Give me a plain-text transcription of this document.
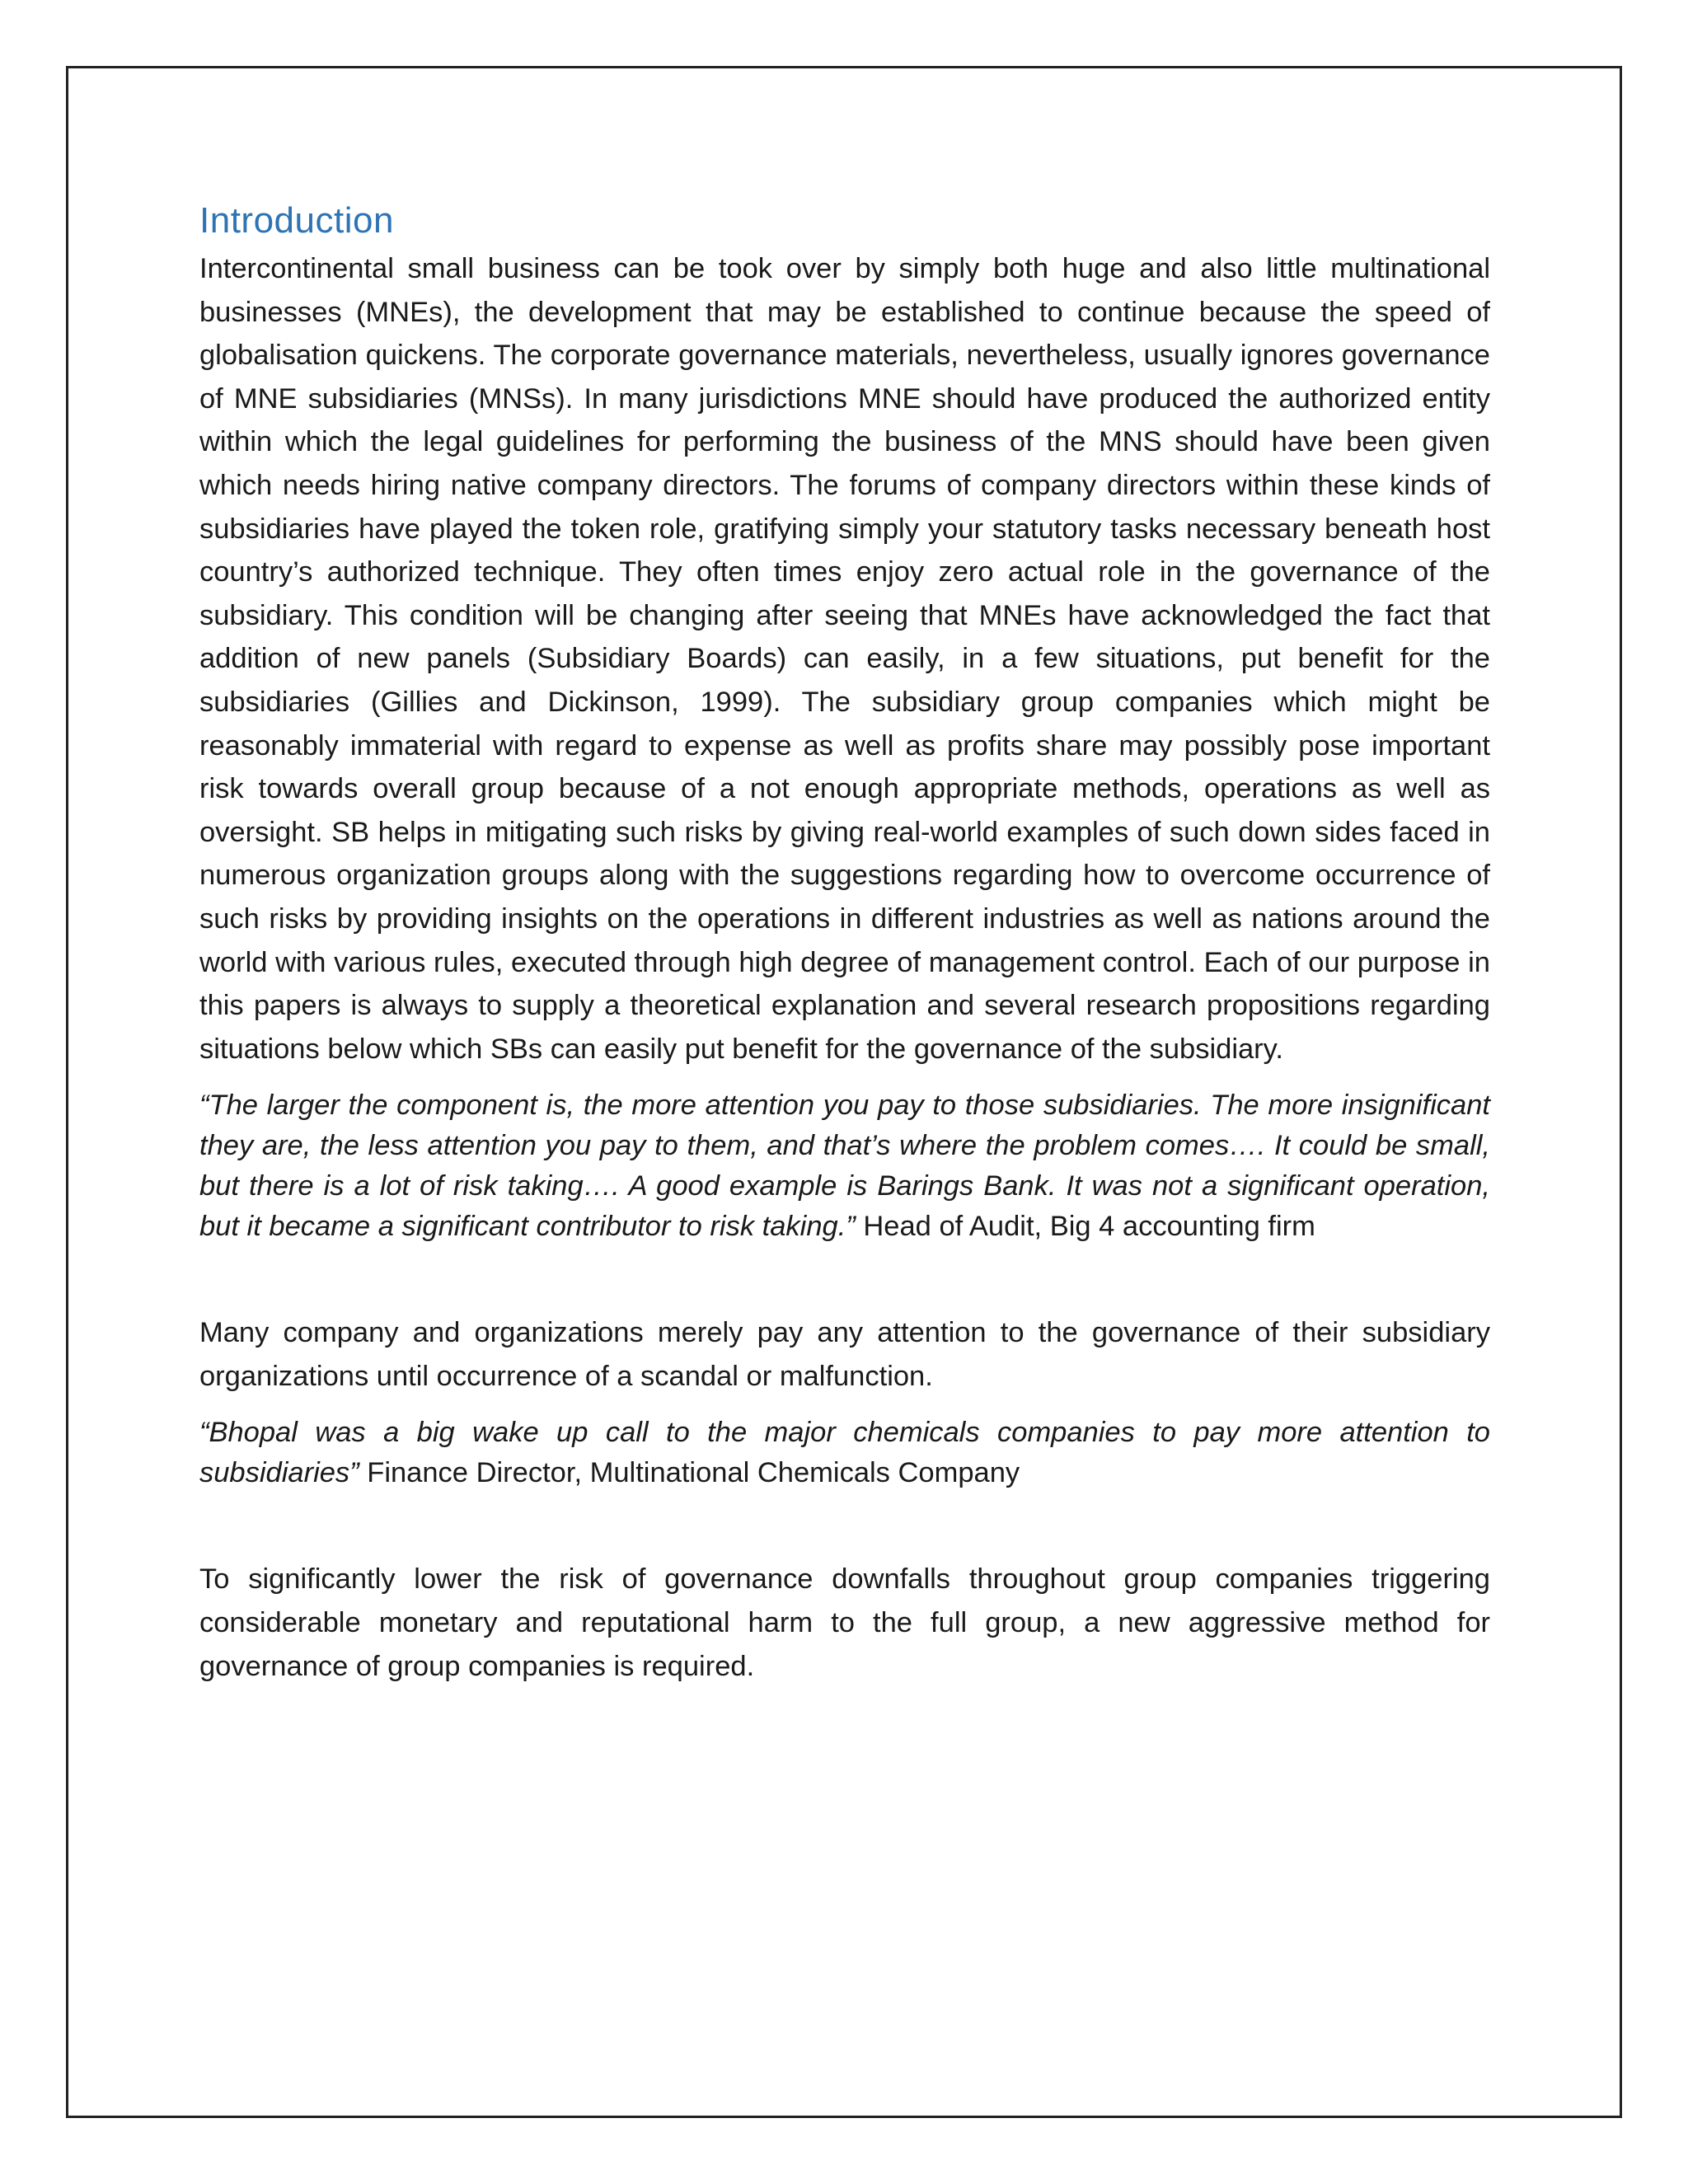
Introduction

Intercontinental small business can be took over by simply both huge and also little multinational businesses (MNEs), the development that may be established to continue because the speed of globalisation quickens. The corporate governance materials, nevertheless, usually ignores governance of MNE subsidiaries (MNSs). In many jurisdictions MNE should have produced the authorized entity within which the legal guidelines for performing the business of the MNS should have been given which needs hiring native company directors. The forums of company directors within these kinds of subsidiaries have played the token role, gratifying simply your statutory tasks necessary beneath host country’s authorized technique. They often times enjoy zero actual role in the governance of the subsidiary. This condition will be changing after seeing that MNEs have acknowledged the fact that addition of new panels (Subsidiary Boards) can easily, in a few situations, put benefit for the subsidiaries (Gillies and Dickinson, 1999). The subsidiary group companies which might be reasonably immaterial with regard to expense as well as profits share may possibly pose important risk towards overall group because of a not enough appropriate methods, operations as well as oversight. SB helps in mitigating such risks by giving real-world examples of such down sides faced in numerous organization groups along with the suggestions regarding how to overcome occurrence of such risks by providing insights on the operations in different industries as well as nations around the world with various rules, executed through high degree of management control. Each of our purpose in this papers is always to supply a theoretical explanation and several research propositions regarding situations below which SBs can easily put benefit for the governance of the subsidiary.

“The larger the component is, the more attention you pay to those subsidiaries. The more insignificant they are, the less attention you pay to them, and that’s where the problem comes…. It could be small, but there is a lot of risk taking…. A good example is Barings Bank. It was not a significant operation, but it became a significant contributor to risk taking.” Head of Audit, Big 4 accounting firm

Many company and organizations merely pay any attention to the governance of their subsidiary organizations until occurrence of a scandal or malfunction.

“Bhopal was a big wake up call to the major chemicals companies to pay more attention to subsidiaries” Finance Director, Multinational Chemicals Company

To significantly lower the risk of governance downfalls throughout group companies triggering considerable monetary and reputational harm to the full group, a new aggressive method for governance of group companies is required.
